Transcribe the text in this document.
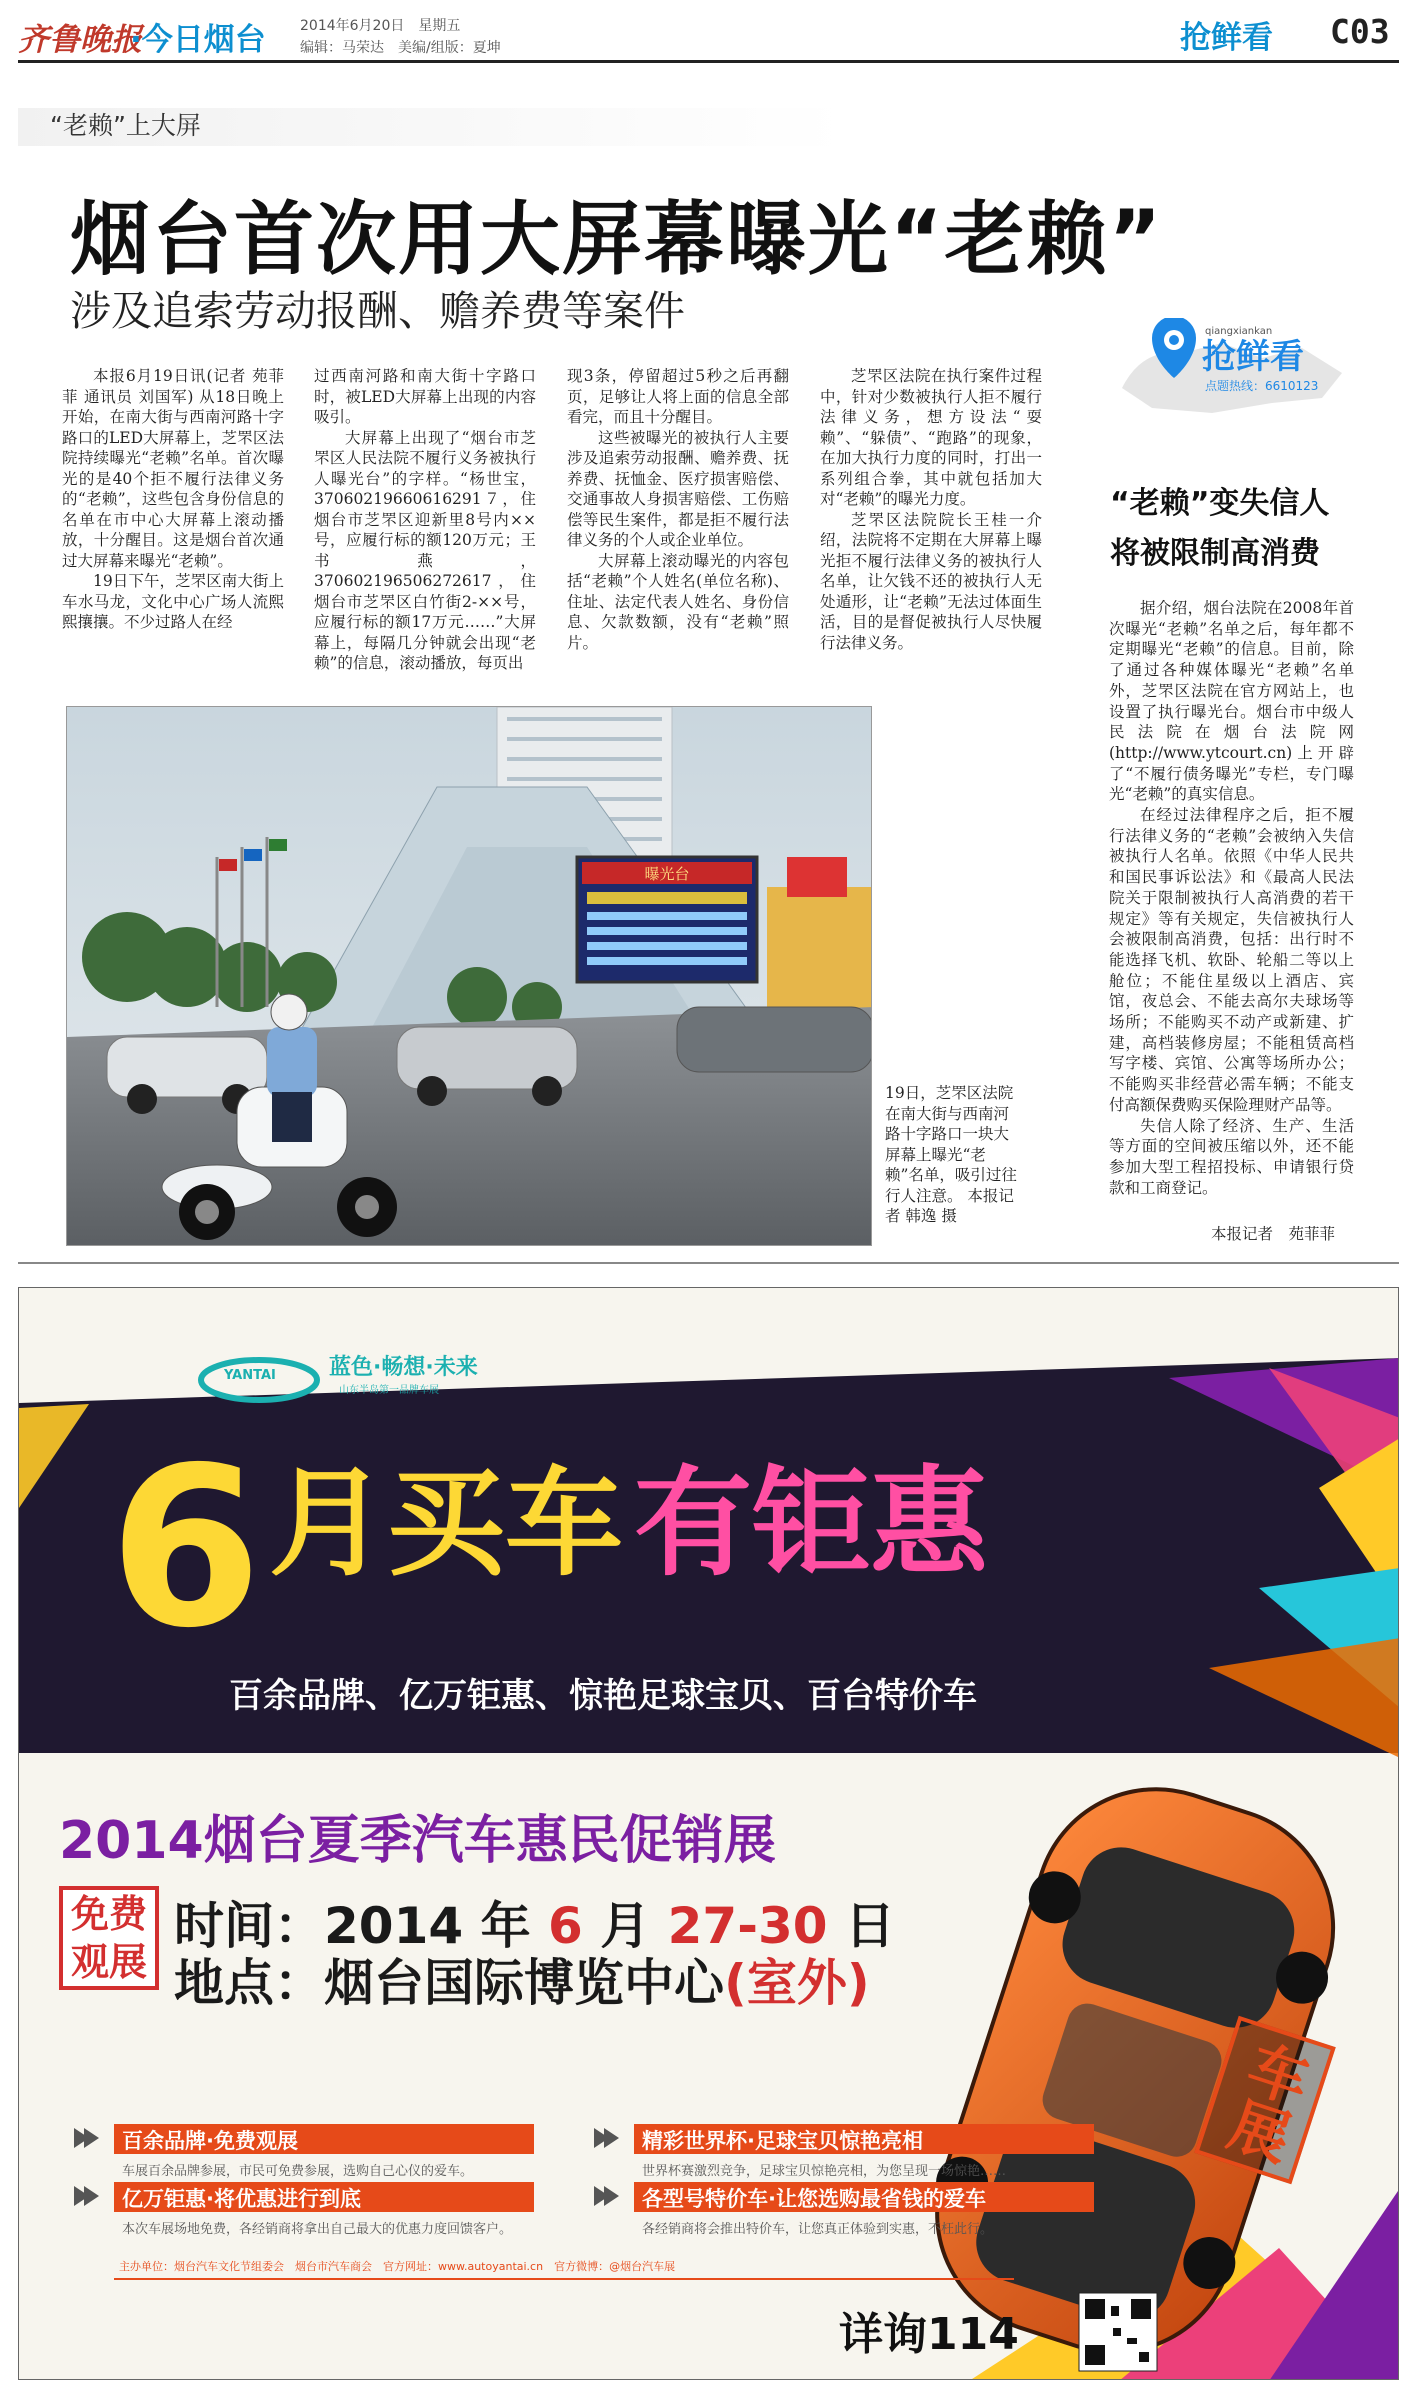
齐鲁晚报
·今日烟台 2014年6月20日　星期五
编辑：马荣达　美编/组版：夏坤	抢鲜看 C03
“老赖”上大屏
烟台首次用大屏幕曝光“老赖”
涉及追索劳动报酬、赡养费等案件

本报6月19日讯(记者 苑菲菲 通讯员 刘国军) 从18日晚上开始，在南大街与西南河路十字路口的LED大屏幕上，芝罘区法院持续曝光“老赖”名单。首次曝光的是40个拒不履行法律义务的“老赖”，这些包含身份信息的名单在市中心大屏幕上滚动播放，十分醒目。这是烟台首次通过大屏幕来曝光“老赖”。

19日下午，芝罘区南大街上车水马龙，文化中心广场人流熙熙攘攘。不少过路人在经

过西南河路和南大街十字路口时，被LED大屏幕上出现的内容吸引。

大屏幕上出现了“烟台市芝罘区人民法院不履行义务被执行人曝光台”的字样。“杨世宝，37060219660616291７，住烟台市芝罘区迎新里8号内××号，应履行标的额120万元；王书燕，370602196506272617，住烟台市芝罘区白竹街2-××号，应履行标的额17万元……”大屏幕上，每隔几分钟就会出现“老赖”的信息，滚动播放，每页出

现3条，停留超过5秒之后再翻页，足够让人将上面的信息全部看完，而且十分醒目。

这些被曝光的被执行人主要涉及追索劳动报酬、赡养费、抚养费、抚恤金、医疗损害赔偿、交通事故人身损害赔偿、工伤赔偿等民生案件，都是拒不履行法律义务的个人或企业单位。

大屏幕上滚动曝光的内容包括“老赖”个人姓名(单位名称)、住址、法定代表人姓名、身份信息、欠款数额，没有“老赖”照片。

芝罘区法院在执行案件过程中，针对少数被执行人拒不履行法律义务，想方设法“耍赖”、“躲债”、“跑路”的现象，在加大执行力度的同时，打出一系列组合拳，其中就包括加大对“老赖”的曝光力度。

芝罘区法院院长王桂一介绍，法院将不定期在大屏幕上曝光拒不履行法律义务的被执行人名单，让欠钱不还的被执行人无处遁形，让“老赖”无法过体面生活，目的是督促被执行人尽快履行法律义务。

曝光台
19日，芝罘区法院在南大街与西南河路十字路口一块大屏幕上曝光“老赖”名单，吸引过往行人注意。 本报记者 韩逸 摄
qiangxiankan
抢鲜看
点题热线：6610123
“老赖”变失信人
将被限制高消费

据介绍，烟台法院在2008年首次曝光“老赖”名单之后，每年都不定期曝光“老赖”的信息。目前，除了通过各种媒体曝光“老赖”名单外，芝罘区法院在官方网站上，也设置了执行曝光台。烟台市中级人民法院在烟台法院网(http://www.ytcourt.cn)上开辟了“不履行债务曝光”专栏，专门曝光“老赖”的真实信息。

在经过法律程序之后，拒不履行法律义务的“老赖”会被纳入失信被执行人名单。依照《中华人民共和国民事诉讼法》和《最高人民法院关于限制被执行人高消费的若干规定》等有关规定，失信被执行人会被限制高消费，包括：出行时不能选择飞机、软卧、轮船二等以上舱位；不能住星级以上酒店、宾馆，夜总会、不能去高尔夫球场等场所；不能购买不动产或新建、扩建，高档装修房屋；不能租赁高档写字楼、宾馆、公寓等场所办公；不能购买非经营必需车辆；不能支付高额保费购买保险理财产品等。

失信人除了经济、生产、生活等方面的空间被压缩以外，还不能参加大型工程招投标、申请银行贷款和工商登记。

本报记者　苑菲菲
YANTAI 蓝色·畅想·未来
山东半岛第一品牌车展
6 月买车 有钜惠
百余品牌、亿万钜惠、惊艳足球宝贝、百台特价车
2014烟台夏季汽车惠民促销展
免费
观展
时间：2014 年 6 月 27-30 日
地点：烟台国际博览中心(室外)
百余品牌·免费观展
车展百余品牌参展，市民可免费参展，选购自己心仪的爱车。
亿万钜惠·将优惠进行到底
本次车展场地免费，各经销商将拿出自己最大的优惠力度回馈客户。
精彩世界杯·足球宝贝惊艳亮相
世界杯赛激烈竞争，足球宝贝惊艳亮相，为您呈现一场惊艳……
各型号特价车·让您选购最省钱的爱车
各经销商将会推出特价车，让您真正体验到实惠，不枉此行。
主办单位：烟台汽车文化节组委会　烟台市汽车商会　官方网址：www.autoyantai.cn　官方微博：@烟台汽车展
详询114
车展
